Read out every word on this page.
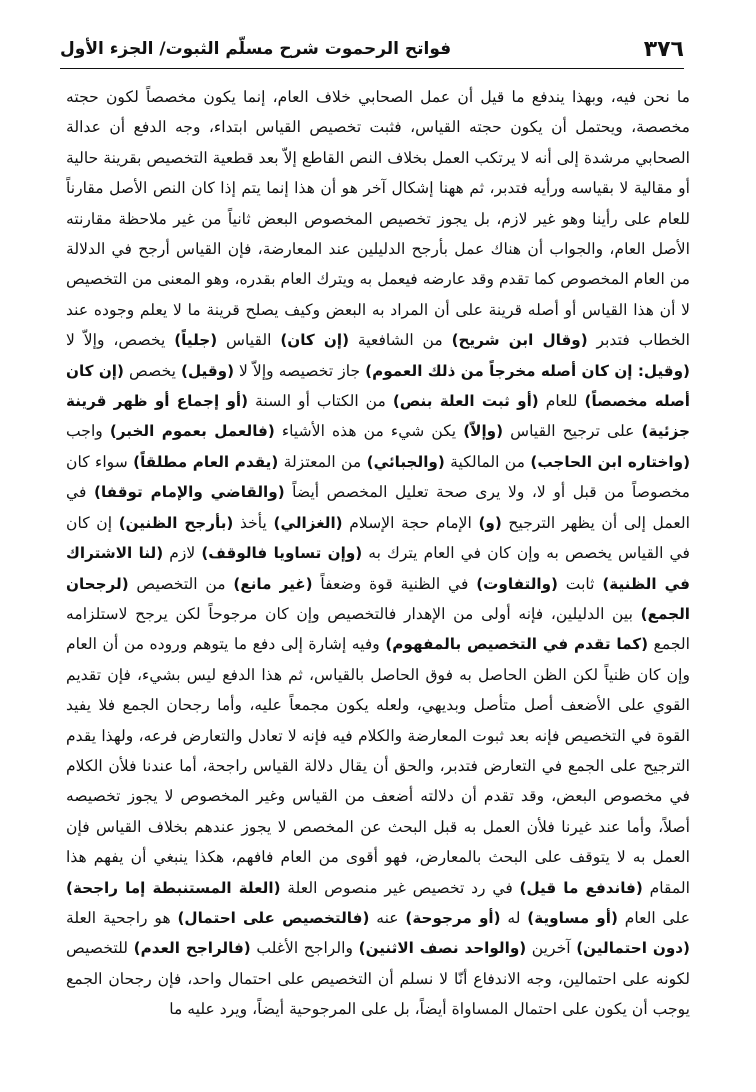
٣٧٦
فواتح الرحموت شرح مسلّم الثبوت/ الجزء الأول
ما نحن فيه، وبهذا يندفع ما قيل أن عمل الصحابي خلاف العام، إنما يكون مخصصاً لكون حجته مخصصة، ويحتمل أن يكون حجته القياس، فثبت تخصيص القياس ابتداء، وجه الدفع أن عدالة الصحابي مرشدة إلى أنه لا يرتكب العمل بخلاف النص القاطع إلاّ بعد قطعية التخصيص بقرينة حالية أو مقالية لا بقياسه ورأيه فتدبر، ثم ههنا إشكال آخر هو أن هذا إنما يتم إذا كان النص الأصل مقارناً للعام على رأينا وهو غير لازم، بل يجوز تخصيص المخصوص البعض ثانياً من غير ملاحظة مقارنته الأصل العام، والجواب أن هناك عمل بأرجح الدليلين عند المعارضة، فإن القياس أرجح في الدلالة من العام المخصوص كما تقدم وقد عارضه فيعمل به ويترك العام بقدره، وهو المعنى من التخصيص لا أن هذا القياس أو أصله قرينة على أن المراد به البعض وكيف يصلح قرينة ما لا يعلم وجوده عند الخطاب فتدبر (وقال ابن شريح) من الشافعية (إن كان) القياس (جلياً) يخصص، وإلاّ لا (وقيل: إن كان أصله مخرجاً من ذلك العموم) جاز تخصيصه وإلاّ لا (وقيل) يخصص (إن كان أصله مخصصاً) للعام (أو ثبت العلة بنص) من الكتاب أو السنة (أو إجماع أو ظهر قرينة جزئية) على ترجيح القياس (وإلاّ) يكن شيء من هذه الأشياء (فالعمل بعموم الخبر) واجب (واختاره ابن الحاجب) من المالكية (والجبائي) من المعتزلة (يقدم العام مطلقاً) سواء كان مخصوصاً من قبل أو لا، ولا يرى صحة تعليل المخصص أيضاً (والقاضي والإمام توقفا) في العمل إلى أن يظهر الترجيح (و) الإمام حجة الإسلام (الغزالي) يأخذ (بأرجح الظنين) إن كان في القياس يخصص به وإن كان في العام يترك به (وإن تساويا فالوقف) لازم (لنا الاشتراك في الظنية) ثابت (والتفاوت) في الظنية قوة وضعفاً (غير مانع) من التخصيص (لرجحان الجمع) بين الدليلين، فإنه أولى من الإهدار فالتخصيص وإن كان مرجوحاً لكن يرجح لاستلزامه الجمع (كما تقدم في التخصيص بالمفهوم) وفيه إشارة إلى دفع ما يتوهم وروده من أن العام وإن كان ظنياً لكن الظن الحاصل به فوق الحاصل بالقياس، ثم هذا الدفع ليس بشيء، فإن تقديم القوي على الأضعف أصل متأصل وبديهي، ولعله يكون مجمعاً عليه، وأما رجحان الجمع فلا يفيد القوة في التخصيص فإنه بعد ثبوت المعارضة والكلام فيه فإنه لا تعادل والتعارض فرعه، ولهذا يقدم الترجيح على الجمع في التعارض فتدبر، والحق أن يقال دلالة القياس راجحة، أما عندنا فلأن الكلام في مخصوص البعض، وقد تقدم أن دلالته أضعف من القياس وغير المخصوص لا يجوز تخصيصه أصلاً، وأما عند غيرنا فلأن العمل به قبل البحث عن المخصص لا يجوز عندهم بخلاف القياس فإن العمل به لا يتوقف على البحث بالمعارض، فهو أقوى من العام فافهم، هكذا ينبغي أن يفهم هذا المقام (فاندفع ما قيل) في رد تخصيص غير منصوص العلة (العلة المستنبطة إما راجحة) على العام (أو مساوية) له (أو مرجوحة) عنه (فالتخصيص على احتمال) هو راجحية العلة (دون احتمالين) آخرين (والواحد نصف الاثنين) والراجح الأغلب (فالراجح العدم) للتخصيص لكونه على احتمالين، وجه الاندفاع أنّا لا نسلم أن التخصيص على احتمال واحد، فإن رجحان الجمع يوجب أن يكون على احتمال المساواة أيضاً، بل على المرجوحية أيضاً، ويرد عليه ما
